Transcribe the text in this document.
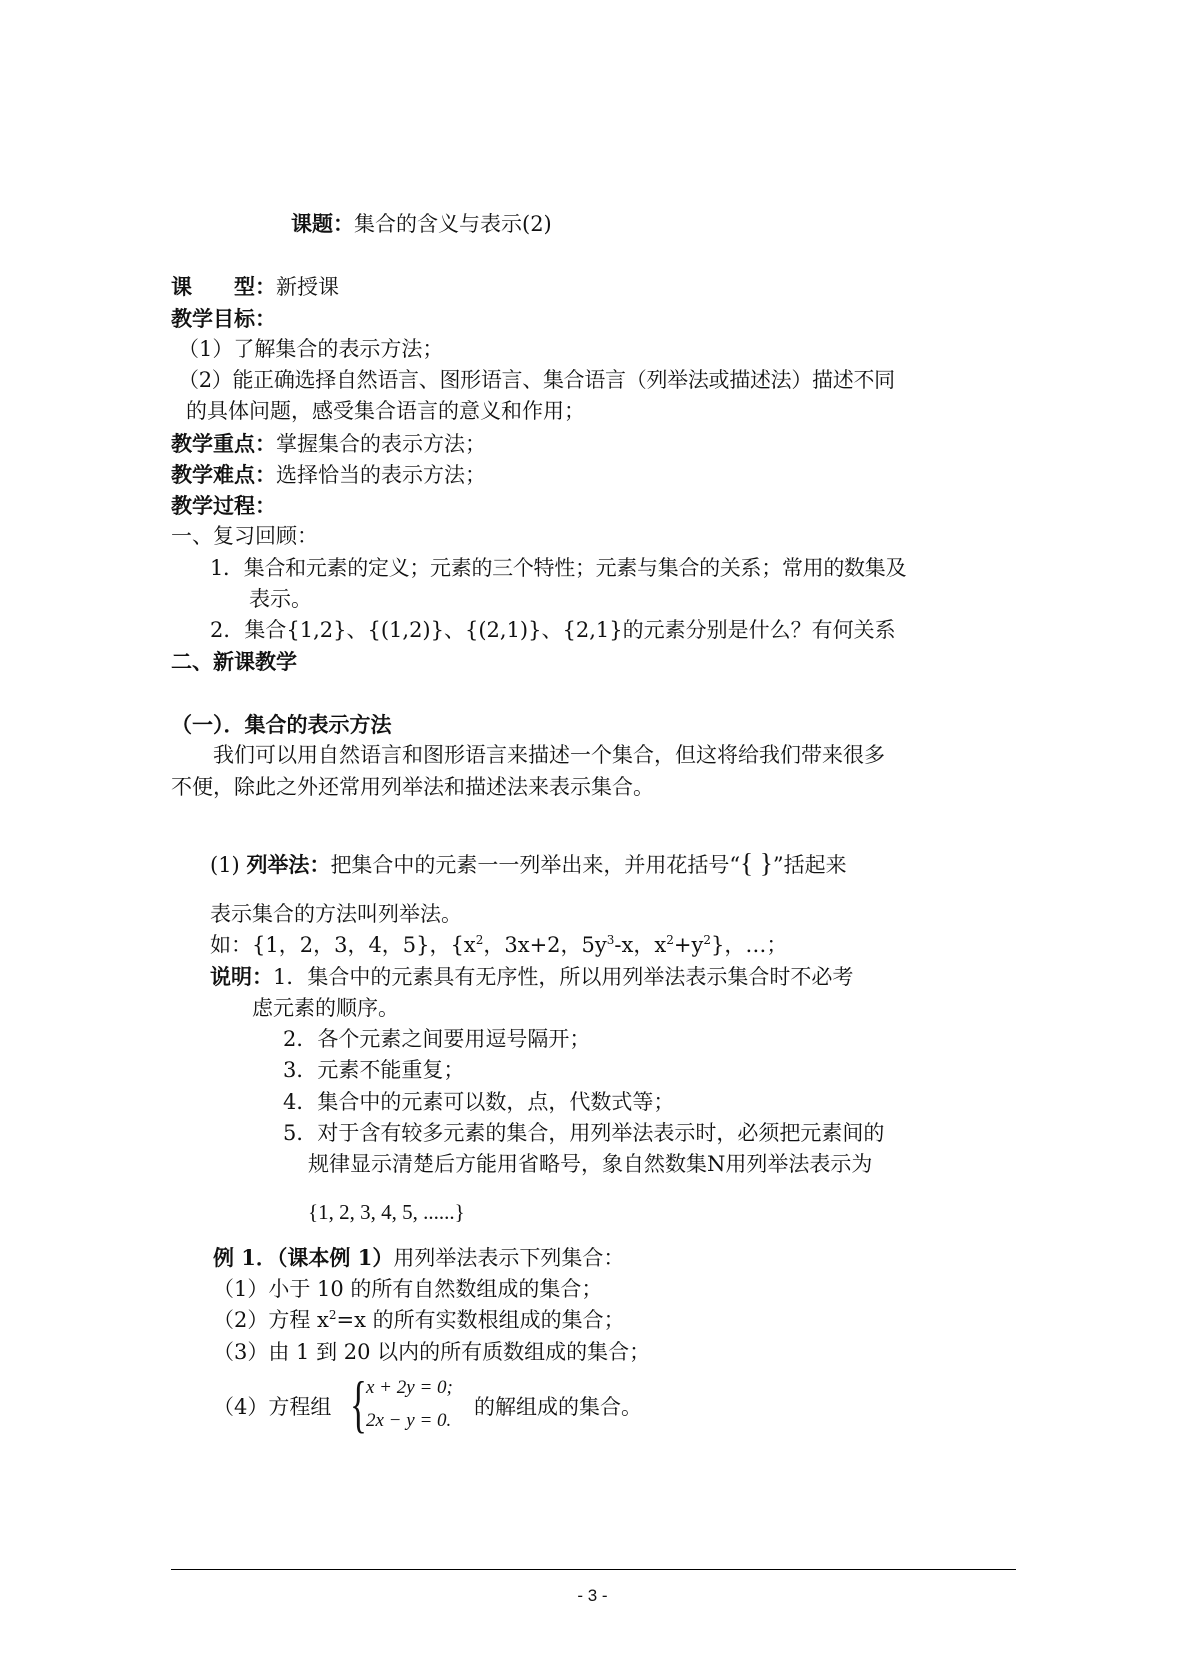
课题：集合的含义与表示(2)
课　　型：新授课
教学目标：
（1）了解集合的表示方法；
（2）能正确选择自然语言、图形语言、集合语言（列举法或描述法）描述不同
的具体问题，感受集合语言的意义和作用；
教学重点：掌握集合的表示方法；
教学难点：选择恰当的表示方法；
教学过程：
一、复习回顾：
1．集合和元素的定义；元素的三个特性；元素与集合的关系；常用的数集及
表示。
2．集合{1,2}、{(1,2)}、{(2,1)}、{2,1}的元素分别是什么？有何关系
二、新课教学
（一）．集合的表示方法
我们可以用自然语言和图形语言来描述一个集合，但这将给我们带来很多
不便，除此之外还常用列举法和描述法来表示集合。
(1) 列举法：把集合中的元素一一列举出来，并用花括号“{ }”括起来
表示集合的方法叫列举法。
如：{1，2，3，4，5}，{$x^2$，3x+2，$5y^3-x$，$x^2+y^2$}，…；
说明：1．集合中的元素具有无序性，所以用列举法表示集合时不必考
虑元素的顺序。
2．各个元素之间要用逗号隔开；
3．元素不能重复；
4．集合中的元素可以数，点，代数式等；
5．对于含有较多元素的集合，用列举法表示时，必须把元素间的
规律显示清楚后方能用省略号，象自然数集N用列举法表示为
{1, 2, 3, 4, 5, ......}
例 1．（课本例 1）用列举法表示下列集合：
（1）小于 10 的所有自然数组成的集合；
（2）方程 $x^2=x$ 的所有实数根组成的集合；
（3）由 1 到 20 以内的所有质数组成的集合；
（4）方程组 { x + 2y = 0;
2x − y = 0.
的解组成的集合。
- 3 -
